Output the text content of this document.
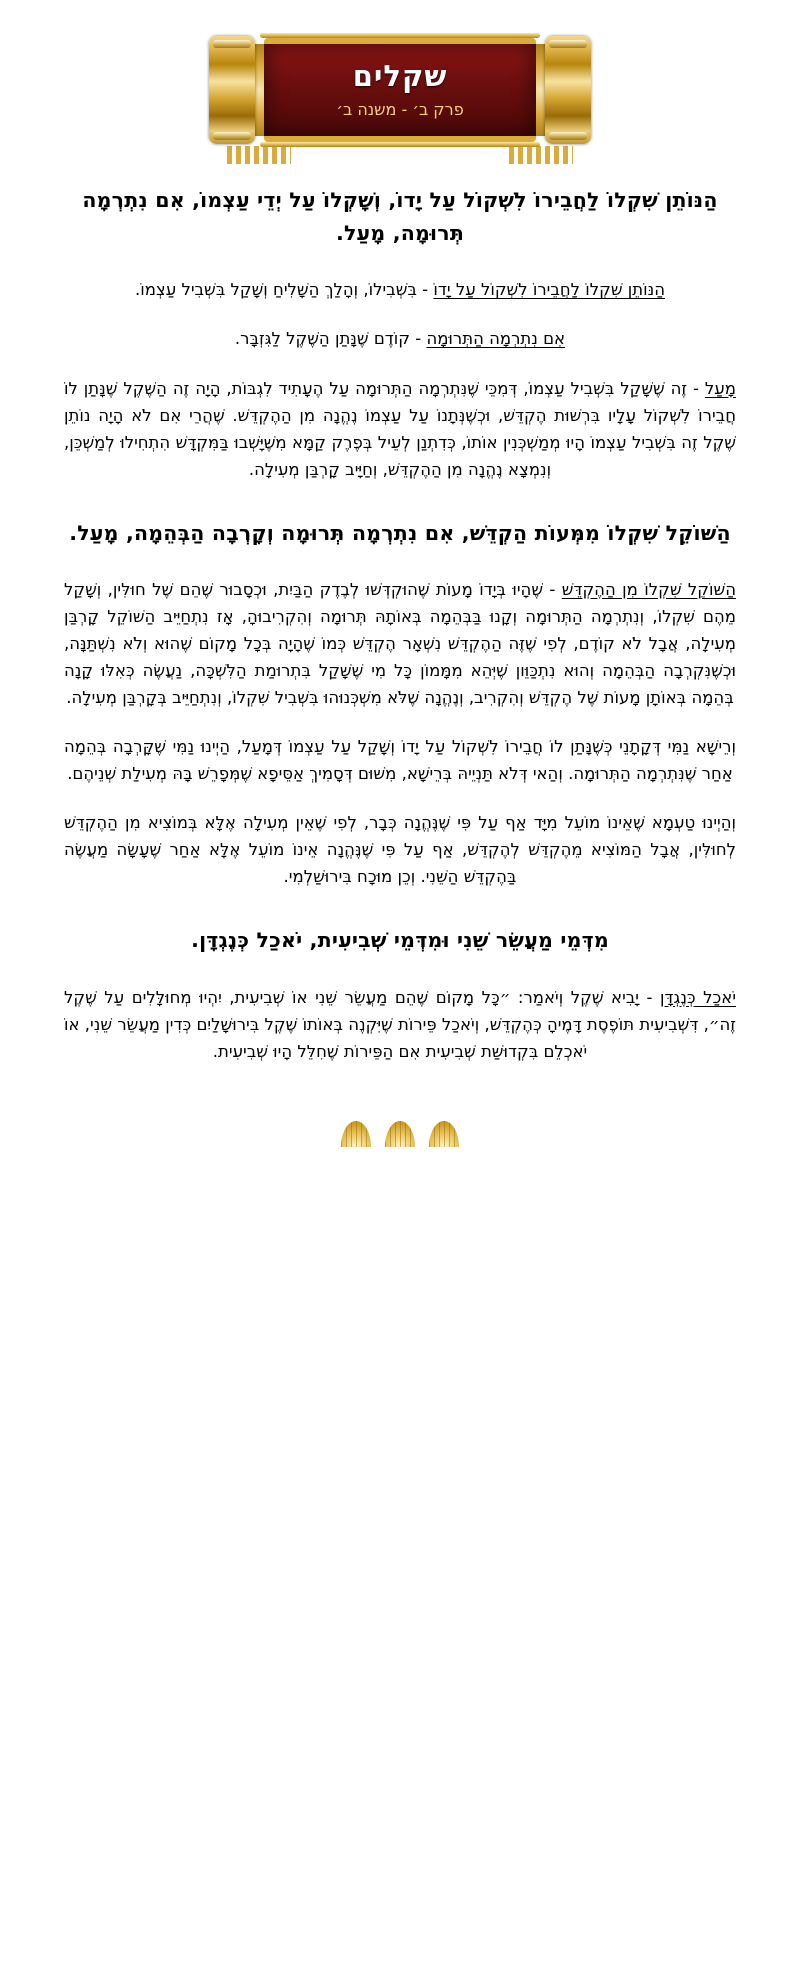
שקלים
פרק ב׳ - משנה ב׳

הַנּוֹתֵן שִׁקְלוֹ לַחֲבֵירוֹ לִשְׁקוֹל עַל יָדוֹ, וְשָׁקְלוֹ עַל יְדֵי עַצְמוֹ, אִם נִתְרְמָה תְּרוּמָה, מָעַל.

הַנּוֹתֵן שִׁקְלוֹ לַחֲבֵירוֹ לִשְׁקוֹל עַל יָדוֹ - בִּשְׁבִילוֹ, וְהָלַךְ הַשָּׁלִיחַ וְשָׁקַל בִּשְׁבִיל עַצְמוֹ.

אִם נִתְרְמָה הַתְּרוּמָה - קוֹדֶם שֶׁנָּתַן הַשֶּׁקֶל לַגִּזְבָּר.

מָעַל - זֶה שֶׁשָּׁקַל בִּשְׁבִיל עַצְמוֹ, דְּמִכֵּי שֶׁנִּתְרְמָה הַתְּרוּמָה עַל הֶעָתִיד לִגְבּוֹת, הָיָה זֶה הַשֶּׁקֶל שֶׁנָּתַן לוֹ חֲבֵירוֹ לִשְׁקוֹל עָלָיו בִּרְשׁוּת הֶקְדֵּשׁ, וּכְשֶׁנְּתָנוֹ עַל עַצְמוֹ נֶהֱנָה מִן הַהֶקְדֵּשׁ. שֶׁהֲרֵי אִם לֹא הָיָה נוֹתֵן שֶׁקֶל זֶה בִּשְׁבִיל עַצְמוֹ הָיוּ מְמַשְׁכְּנִין אוֹתוֹ, כְּדִתְנַן לְעֵיל בְּפֶרֶק קַמָּא מִשֶּׁיָּשְׁבוּ בַּמִּקְדָּשׁ הִתְחִילוּ לְמַשְׁכֵּן, וְנִמְצָא נֶהֱנָה מִן הַהֶקְדֵּשׁ, וְחַיָּיב קָרְבַּן מְעִילָה.

הַשּׁוֹקֵל שִׁקְלוֹ מִמְּעוֹת הַקְדֵּשׁ, אִם נִתְרְמָה תְּרוּמָה וְקָרְבָה הַבְּהֵמָה, מָעַל.

הַשּׁוֹקֵל שִׁקְלוֹ מִן הַהֶקְדֵּשׁ - שֶׁהָיוּ בְּיָדוֹ מָעוֹת שֶׁהוּקְדְּשׁוּ לְבֶדֶק הַבַּיִת, וּכְסָבוּר שֶׁהֵם שֶׁל חוּלִּין, וְשָׁקַל מֵהֶם שִׁקְלוֹ, וְנִתְרְמָה הַתְּרוּמָה וְקָנוּ בַּבְּהֵמָה בְּאוֹתָהּ תְּרוּמָה וְהִקְרִיבוּהָ, אָז נִתְחַיֵּיב הַשּׁוֹקֵל קָרְבַּן מְעִילָה, אֲבָל לֹא קוֹדֶם, לְפִי שֶׁזֶּה הַהֶקְדֵּשׁ נִשְׁאָר הֶקְדֵּשׁ כְּמוֹ שֶׁהָיָה בְּכָל מָקוֹם שֶׁהוּא וְלֹא נִשְׁתַּנָּה, וּכְשֶׁנִּקְרְבָה הַבְּהֵמָה וְהוּא נִתְכַּוֵּון שֶׁיְּהֵא מִמָּמוֹן כָּל מִי שֶׁשָּׁקַל בִּתְרוּמַת הַלִּשְׁכָּה, נַעֲשֶׂה כְּאִלּוּ קָנָה בְּהֵמָה בְּאוֹתָן מָעוֹת שֶׁל הֶקְדֵּשׁ וְהִקְרִיב, וְנֶהֱנָה שֶׁלֹּא מִשְׁכְּנוּהוּ בִּשְׁבִיל שִׁקְלוֹ, וְנִתְחַיֵּיב בְּקָרְבַּן מְעִילָה.

וְרֵישָׁא נַמִּי דְּקָתָנֵי כְּשֶׁנָּתַן לוֹ חֲבֵירוֹ לִשְׁקוֹל עַל יָדוֹ וְשָׁקַל עַל עַצְמוֹ דְּמָעַל, הַיְינוּ נַמִּי שֶׁקָּרְבָה בְּהֵמָה אַחַר שֶׁנִּתְרְמָה הַתְּרוּמָה. וְהַאי דְּלֹא תַּנְיֵיהּ בְּרֵישָׁא, מִשּׁוּם דְּסָמִיךְ אַסֵּיפָא שֶׁמְּפָרֵשׁ בָּהּ מְעִילַת שְׁנֵיהֶם.

וְהַיְינוּ טַעְמָא שֶׁאֵינוֹ מוֹעֵל מִיָּד אַף עַל פִּי שֶׁנֶּהֱנָה כְּבָר, לְפִי שֶׁאֵין מְעִילָה אֶלָּא בְּמוֹצִיא מִן הַהֶקְדֵּשׁ לְחוּלִּין, אֲבָל הַמּוֹצִיא מֵהֶקְדֵּשׁ לְהֶקְדֵּשׁ, אַף עַל פִּי שֶׁנֶּהֱנָה אֵינוֹ מוֹעֵל אֶלָּא אַחַר שֶׁעָשָׂה מַעֲשֶׂה בַּהֶקְדֵּשׁ הַשֵּׁנִי. וְכֵן מוּכָח בִּירוּשַׁלְמִי.

מִדְּמֵי מַעֲשֵׂר שֵׁנִי וּמִדְּמֵי שְׁבִיעִית, יֹאכַל כְּנֶגְדָּן.

יֹאכַל כְּנֶגְדָּן - יָבִיא שֶׁקֶל וְיֹאמַר: ״כָּל מָקוֹם שֶׁהֵם מַעֲשֵׂר שֵׁנִי אוֹ שְׁבִיעִית, יִהְיוּ מְחוּלָּלִים עַל שֶׁקֶל זֶה״, דִּשְׁבִיעִית תּוֹפֶסֶת דָּמֶיהָ כְּהֶקְדֵּשׁ, וְיֹאכַל פֵּירוֹת שֶׁיִּקְנֶה בְּאוֹתוֹ שֶׁקֶל בִּירוּשָׁלַיִם כְּדִין מַעֲשֵׂר שֵׁנִי, אוֹ יֹאכְלֵם בִּקְדוּשַּׁת שְׁבִיעִית אִם הַפֵּירוֹת שֶׁחִלֵּל הָיוּ שְׁבִיעִית.
